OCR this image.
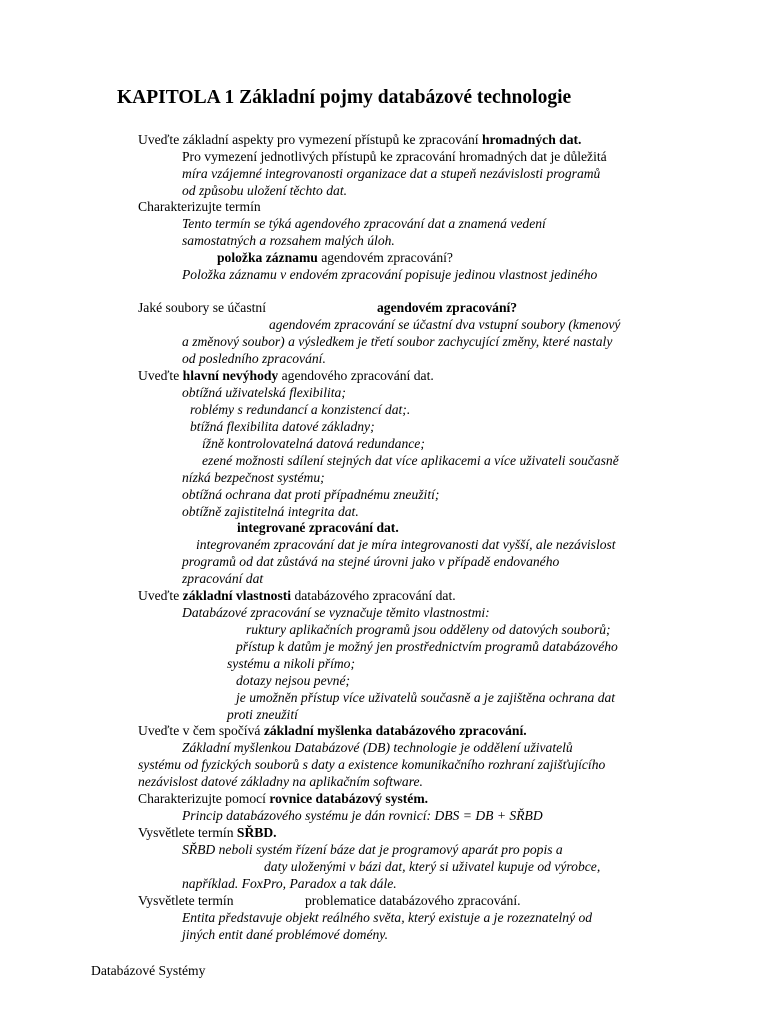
KAPITOLA 1 Základní pojmy databázové technologie
Uveďte základní aspekty pro vymezení přístupů ke zpracování hromadných dat.
Pro vymezení jednotlivých přístupů ke zpracování hromadných dat je důležitá
míra vzájemné integrovanosti organizace dat a stupeň nezávislosti programů
od způsobu uložení těchto dat.
Charakterizujte termín
Tento termín se týká agendového zpracování dat a znamená vedení
samostatných a rozsahem malých úloh.
položka záznamu agendovém zpracování?
Položka záznamu v endovém zpracování popisuje jedinou vlastnost jediného
Jaké soubory se účastní	agendovém zpracování?
agendovém zpracování se účastní dva vstupní soubory (kmenový
a změnový soubor) a výsledkem je třetí soubor zachycující změny, které nastaly
od posledního zpracování.
Uveďte hlavní nevýhody agendového zpracování dat.
obtížná uživatelská flexibilita;
roblémy s redundancí a konzistencí dat;.
btížná flexibilita datové základny;
ížně kontrolovatelná datová redundance;
ezené možnosti sdílení stejných dat více aplikacemi a více uživateli současně
nízká bezpečnost systému;
obtížná ochrana dat proti případnému zneužití;
obtížně zajistitelná integrita dat.
integrované zpracování dat.
integrovaném zpracování dat je míra integrovanosti dat vyšší, ale nezávislost
programů od dat zůstává na stejné úrovni jako v případě endovaného
zpracování dat
Uveďte základní vlastnosti databázového zpracování dat.
Databázové zpracování se vyznačuje těmito vlastnostmi:
ruktury aplikačních programů jsou odděleny od datových souborů;
přístup k datům je možný jen prostřednictvím programů databázového
systému a nikoli přímo;
dotazy nejsou pevné;
je umožněn přístup více uživatelů současně a je zajištěna ochrana dat
proti zneužití
Uveďte v čem spočívá základní myšlenka databázového zpracování.
Základní myšlenkou Databázové (DB) technologie je oddělení uživatelů
systému od fyzických souborů s daty a existence komunikačního rozhraní zajišťujícího
nezávislost datové základny na aplikačním software.
Charakterizujte pomocí rovnice databázový systém.
Princip databázového systému je dán rovnicí: DBS = DB + SŘBD
Vysvětlete termín SŘBD.
SŘBD neboli systém řízení báze dat je programový aparát pro popis a
daty uloženými v bázi dat, který si uživatel kupuje od výrobce,
například. FoxPro, Paradox a tak dále.
Vysvětlete termín	problematice databázového zpracování.
Entita představuje objekt reálného světa, který existuje a je rozeznatelný od
jiných entit dané problémové domény.
Databázové Systémy
